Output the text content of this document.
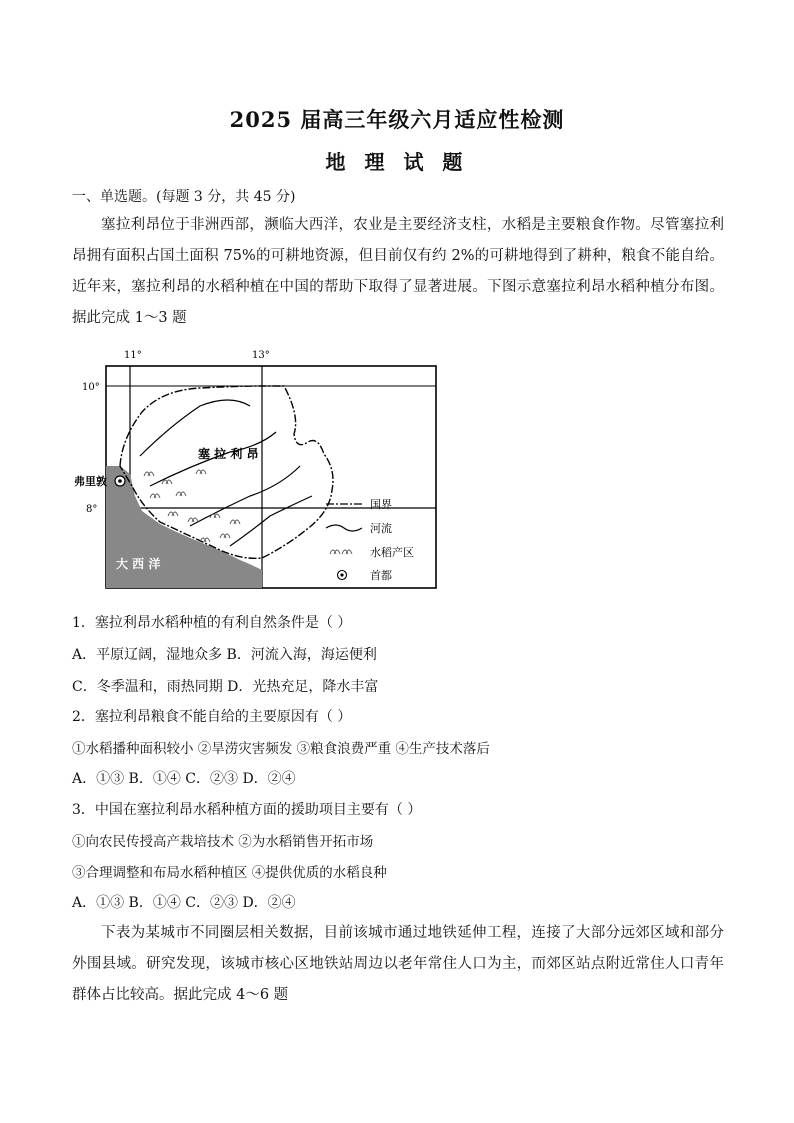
2025 届高三年级六月适应性检测
地 理 试 题
一、单选题。(每题 3 分，共 45 分)
塞拉利昂位于非洲西部，濒临大西洋，农业是主要经济支柱，水稻是主要粮食作物。尽管塞拉利昂拥有面积占国土面积 75%的可耕地资源，但目前仅有约 2%的可耕地得到了耕种，粮食不能自给。近年来，塞拉利昂的水稻种植在中国的帮助下取得了显著进展。下图示意塞拉利昂水稻种植分布图。据此完成 1～3 题
11°	13°
10°
8°
塞 拉 利 昂
弗里敦
大 西 洋
国界
河流
水稻产区
首都
1．塞拉利昂水稻种植的有利自然条件是（ ）
A．平原辽阔，湿地众多 B．河流入海，海运便利
C．冬季温和，雨热同期 D．光热充足，降水丰富
2．塞拉利昂粮食不能自给的主要原因有（ ）
①水稻播种面积较小 ②旱涝灾害频发 ③粮食浪费严重 ④生产技术落后
A．①③ B．①④ C．②③ D．②④
3．中国在塞拉利昂水稻种植方面的援助项目主要有（ ）
①向农民传授高产栽培技术 ②为水稻销售开拓市场
③合理调整和布局水稻种植区 ④提供优质的水稻良种
A．①③ B．①④ C．②③ D．②④
下表为某城市不同圈层相关数据，目前该城市通过地铁延伸工程，连接了大部分远郊区域和部分外围县域。研究发现，该城市核心区地铁站周边以老年常住人口为主，而郊区站点附近常住人口青年群体占比较高。据此完成 4～6 题
